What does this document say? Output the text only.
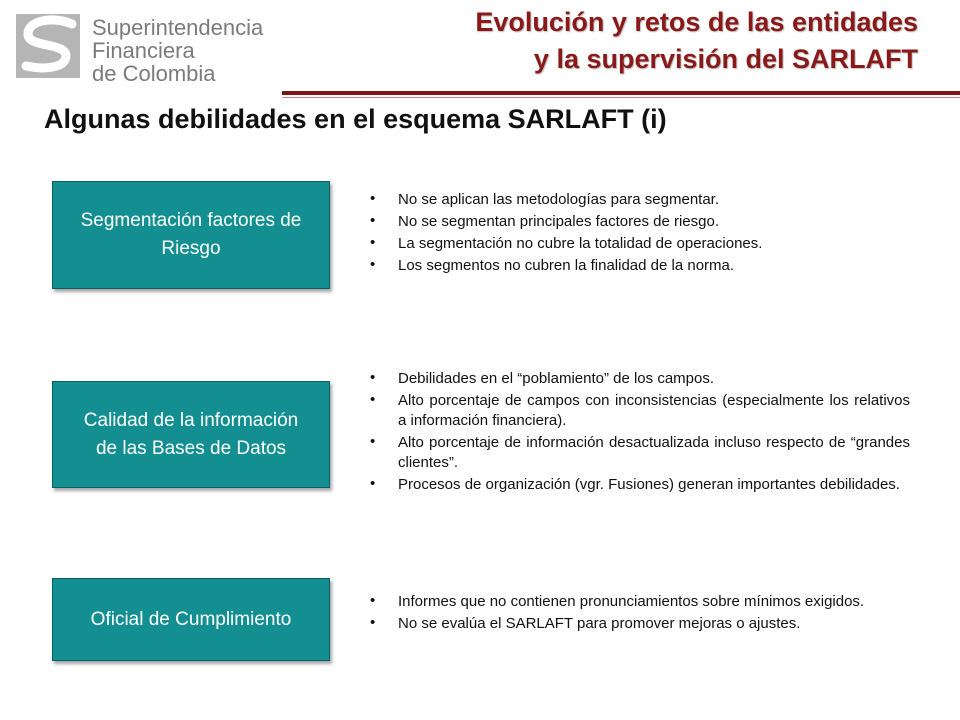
Superintendencia
Financiera
de Colombia
Evolución y retos de las entidades
y la supervisión del SARLAFT
Algunas debilidades en el esquema SARLAFT (i)
Segmentación factores de Riesgo
• No se aplican las metodologías para segmentar.
• No se segmentan principales factores de riesgo.
• La segmentación no cubre la totalidad de operaciones.
• Los segmentos no cubren la finalidad de la norma.
Calidad de la información de las Bases de Datos
• Debilidades en el “poblamiento” de los campos.
• Alto porcentaje de campos con inconsistencias (especialmente los relativos a información financiera).
• Alto porcentaje de información desactualizada incluso respecto de “grandes clientes”.
• Procesos de organización (vgr. Fusiones) generan importantes debilidades.
Oficial de Cumplimiento
• Informes que no contienen pronunciamientos sobre mínimos exigidos.
• No se evalúa el SARLAFT para promover mejoras o ajustes.
